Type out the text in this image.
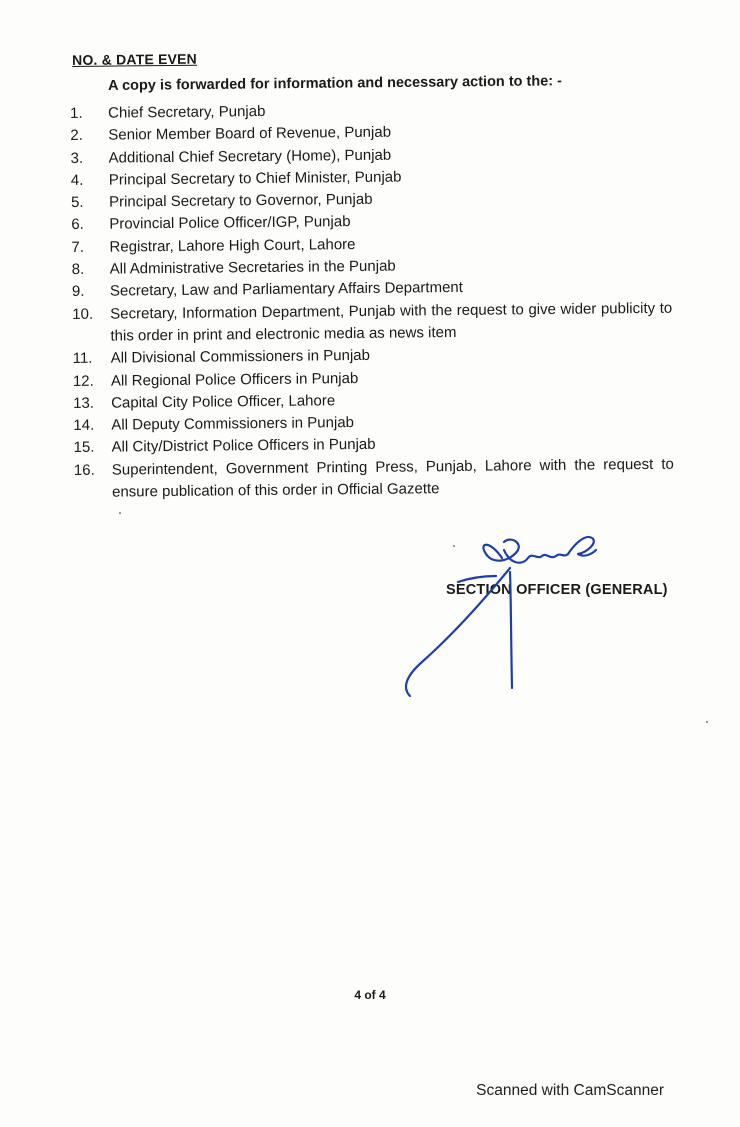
NO. & DATE EVEN
A copy is forwarded for information and necessary action to the: -
1.	Chief Secretary, Punjab
2.	Senior Member Board of Revenue, Punjab
3.	Additional Chief Secretary (Home), Punjab
4.	Principal Secretary to Chief Minister, Punjab
5.	Principal Secretary to Governor, Punjab
6.	Provincial Police Officer/IGP, Punjab
7.	Registrar, Lahore High Court, Lahore
8.	All Administrative Secretaries in the Punjab
9.	Secretary, Law and Parliamentary Affairs Department
10.	Secretary, Information Department, Punjab with the request to give wider publicity to this order in print and electronic media as news item
11.	All Divisional Commissioners in Punjab
12.	All Regional Police Officers in Punjab
13.	Capital City Police Officer, Lahore
14.	All Deputy Commissioners in Punjab
15.	All City/District Police Officers in Punjab
16.	Superintendent, Government Printing Press, Punjab, Lahore with the request to ensure publication of this order in Official Gazette
SECTION OFFICER (GENERAL)
4 of 4
Scanned with CamScanner
